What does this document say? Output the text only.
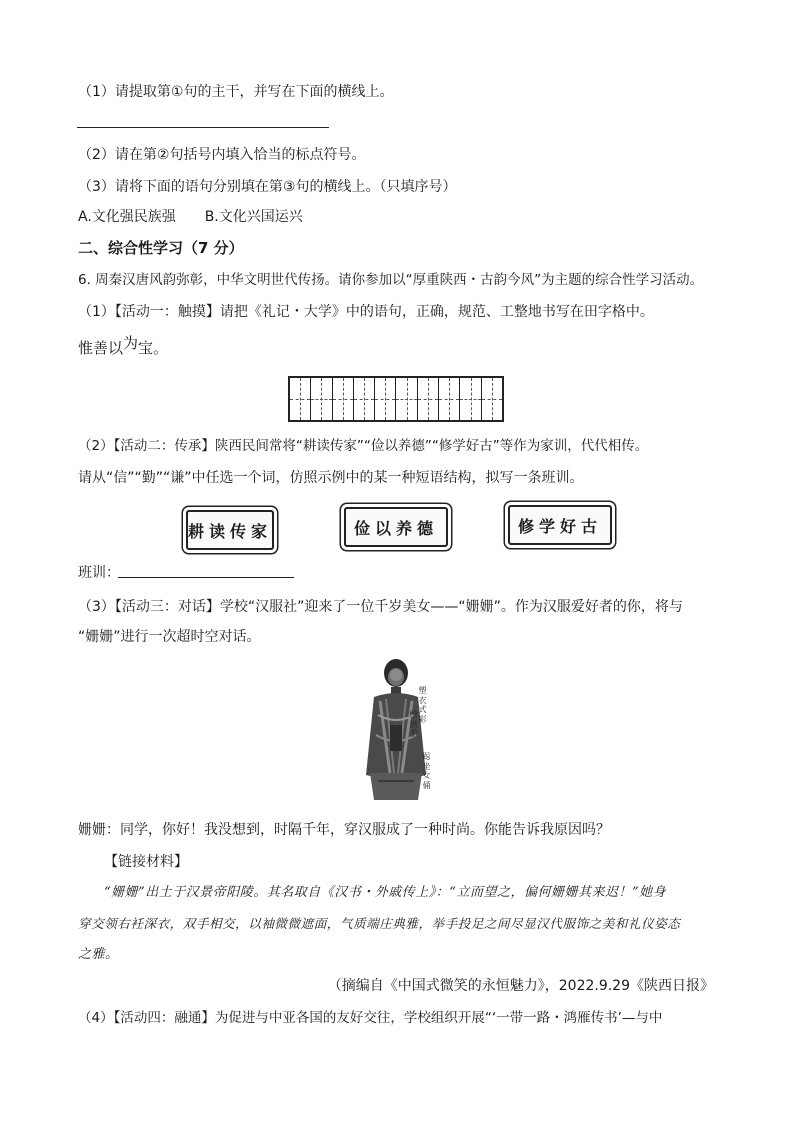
（1）请提取第①句的主干，并写在下面的横线上。
（2）请在第②句括号内填入恰当的标点符号。
（3）请将下面的语句分别填在第③句的横线上。（只填序号）
A.文化强民族强 B.文化兴国运兴
二、综合性学习（7 分）
6. 周秦汉唐风韵弥彰，中华文明世代传扬。请你参加以“厚重陕西・古韵今风”为主题的综合性学习活动。
（1）【活动一：触摸】请把《礼记・大学》中的语句，正确，规范、工整地书写在田字格中。
惟善以为宝。
（2）【活动二：传承】陕西民间常将“耕读传家”“俭以养德”“修学好古”等作为家训，代代相传。
请从“信”“勤”“谦”中任选一个词，仿照示例中的某一种短语结构，拟写一条班训。
耕读传家	俭以养德	修学好古
班训：
（3）【活动三：对话】学校“汉服社”迎来了一位千岁美女——“姗姗”。作为汉服爱好者的你，将与
“姗姗”进行一次超时空对话。
塑衣式彩
绘拱手
跽坐女俑
姗姗：同学，你好！我没想到，时隔千年，穿汉服成了一种时尚。你能告诉我原因吗？
【链接材料】
“姗姗”出土于汉景帝阳陵。其名取自《汉书・外戚传上》：“立而望之，偏何姗姗其来迟！”她身
穿交领右衽深衣，双手相交，以袖微微遮面，气质端庄典雅，举手投足之间尽显汉代服饰之美和礼仪姿态
之雅。
（摘编自《中国式微笑的永恒魅力》，2022.9.29《陕西日报》
（4）【活动四：融通】为促进与中亚各国的友好交往，学校组织开展“‘一带一路・鸿雁传书’—与中
